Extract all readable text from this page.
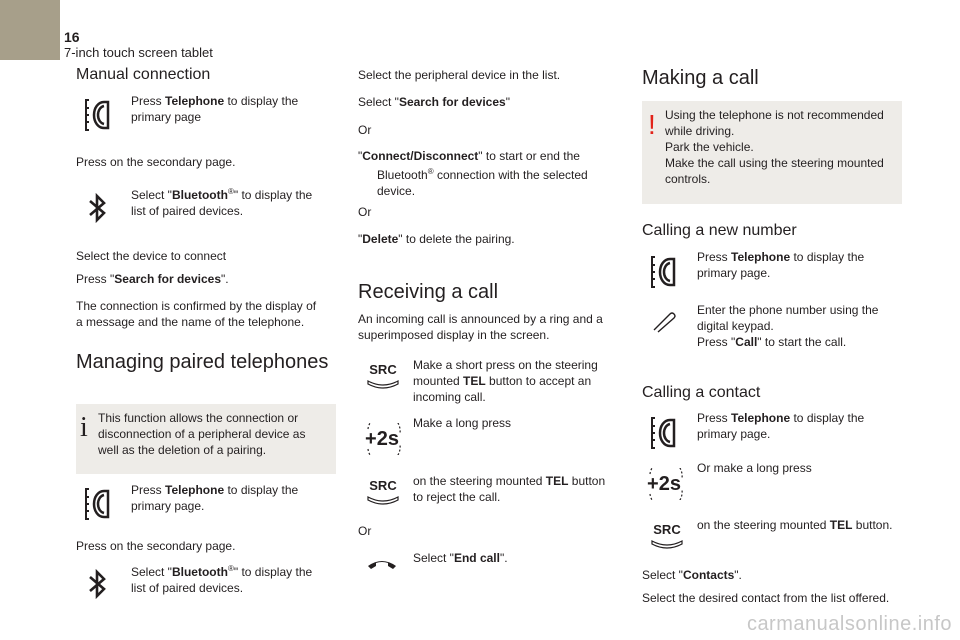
16
7-inch touch screen tablet
Manual connection
Press Telephone to display the primary page
Press on the secondary page.
Select "Bluetooth®" to display the list of paired devices.
Select the device to connect
Press "Search for devices".
The connection is confirmed by the display of a message and the name of the telephone.
Managing paired telephones
i This function allows the connection or disconnection of a peripheral device as well as the deletion of a pairing.
Press Telephone to display the primary page.
Press on the secondary page.
Select "Bluetooth®" to display the list of paired devices.
Select the peripheral device in the list.
Select "Search for devices"
Or
"Connect/Disconnect" to start or end the
Bluetooth® connection with the selected
device.
Or
"Delete" to delete the pairing.
Receiving a call
An incoming call is announced by a ring and a superimposed display in the screen.
SRC	Make a short press on the steering mounted TEL button to accept an incoming call.
+2s
Make a long press
SRC	on the steering mounted TEL button to reject the call.
Or
Select "End call".
Making a call
! Using the telephone is not recommended while driving.
Park the vehicle.
Make the call using the steering mounted controls.
Calling a new number
Press Telephone to display the primary page.
Enter the phone number using the digital keypad.
Press "Call" to start the call.
Calling a contact
Press Telephone to display the primary page.
+2s
Or make a long press
SRC	on the steering mounted TEL button.
Select "Contacts".
Select the desired contact from the list offered.
carmanualsonline.info
